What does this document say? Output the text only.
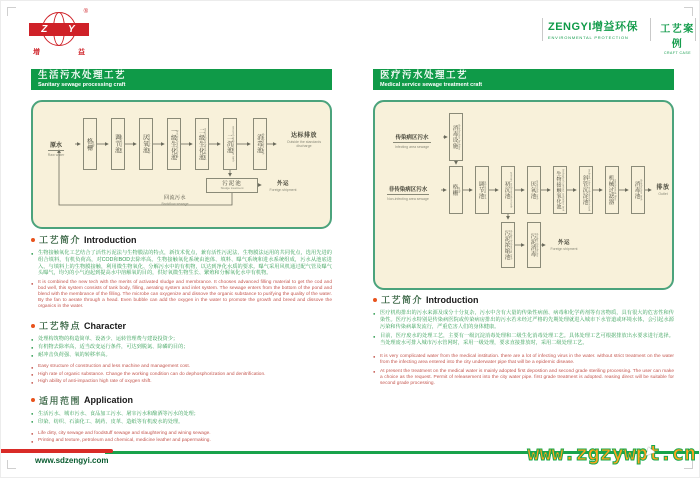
Z Y
®
增	益
ZENGYI增益环保
ENVIRONMENTAL PROTECTION
工艺案例
CRAFT CASE
生活污水处理工艺
Sanitary sewage processing craft
医疗污水处理工艺
Medical service sewage treatment craft
原水
Raw water
格栅 grille	调节池 adjusting tank	厌氧池 anaerobic tank	一级生化池 first biochemical tank	二级生化池 second biochemical tank	二沉池 second sedimentation tank	消毒池 disinfection tank	达标排放
Outside the standards discharge
污泥池
Sludge treatment
外运
Foreign shipment
回流污水
Backflow sewage
传染病区污水
Infecting area sewage	消毒设施 disinfection facilities
非传染病区污水
Non-infecting area sewage
格栅 grille	调节池 adjusting tank	初沉池 primary sedimentation tank	厌氧池 anaerobic tank	生物接触氧化池 biological contact oxidation tank	斜管沉淀池 inclined tube sedimentation tank	机械过滤器 mechanical filter	消毒池 disinfection tank	排放
Outlet
污泥浓缩池 sludge thickening tank	污泥消毒 sludge disinfection	外运
Foreign shipment
工艺简介 Introduction
● 生物接触氧化工艺结合了活性污泥法与生物膜法的特点，新技术优点，兼有活性污泥法、生物膜法运用的共同优点，选用先进的组合填料，有机负荷高，对COD和BOD去除率高。生物接触氧化系统由池体、填料、曝气系统和进水系统组成，污水从池底进入，与填料上的生物膜接触，利用微生物氧化、分解污水中的有机物，以达到净化水质的要求。曝气采用风机通过配气管及曝气头曝气，均匀的小气泡起到提高水中溶解氧的目的，供好氧微生物生长、繁殖和分解氧化水中有机物。
● It is combined the new tech with the merits of activated sludge and membrance. It chooses advanced filling material to get the cod and bod well, this system consists of tank body, filling, aerating system and inlet system. The sewage enters from the bottom of the pond and blend with the membrance of the filling. The microbe can oxygenize and dissove the organic substance to purifying the quality of the water. By the fan to aerate through a head. Even bubble can add the oxygen in the water to promote the growth and breed and dissove the organics in the water.
工艺特点 Character
● 处理构筑物的构造简单、设备少、运转管理费与建设投资少；
● 有机物去除率高，适当改变运行条件，可达到脱氮、除磷的目的；
● 耐冲击负荷强、氧的转移率高。
● Easy structure of construction and less machine and management cost.
● High rate of organic substance. Change the working condition can do dephosphorization and denitrification.
● High ability of anti-impaction high rate of oxygen shift.
适用范围 Application
● 生活污水、城市污水、食品加工污水、屠宰污水和酿酒等污水的处理；
● 印染、纺织、石油化工、制药、皮革、造纸等有机废水的处理。
● Life dirty, city sewage and foodstuff sewage and slaughtering and wining sewage.
● Printing and texture, petroleum and chemical, medicine leather and papermaking.
工艺简介 Introduction
● 医疗机构排出的污水来源及成分十分复杂，污水中含有大量的传染性病菌、病毒和化学药剂等有害物质，具有很大的危害性和传染性。医疗污水特别是传染病医院或传染病房排出的污水若未经过严格的先期处理就进入城市下水管道或环境水体，会引起水源污染和传染病暴发流行，严重危害人们的身体健康。
● 目前，医疗废水的处理工艺，主要有一级沉淀消毒处理和二级生化消毒处理工艺。具体处理工艺可根据排放出水要求进行选择。当处理废水可排入城市污水管网时，采用一级处理，要求直接排放时，采用二级处理工艺。
● It is very complicated water from the medical institution. there are a lot of infecting virus in the water. without strict treatment on the water from the infecting area entered into the city underwater pipe that will be a epidemic disease.
● At present the treatment on the medical water is mainly adopted first depostion and second grade steriling processing. The user can make a choice as the request. Permit of releasement into the city water pipe. first grade treatment is adopted. reasing direct will be suitable for second grade processing.
www.sdzengyi.com	www.zgzywpt.cn
